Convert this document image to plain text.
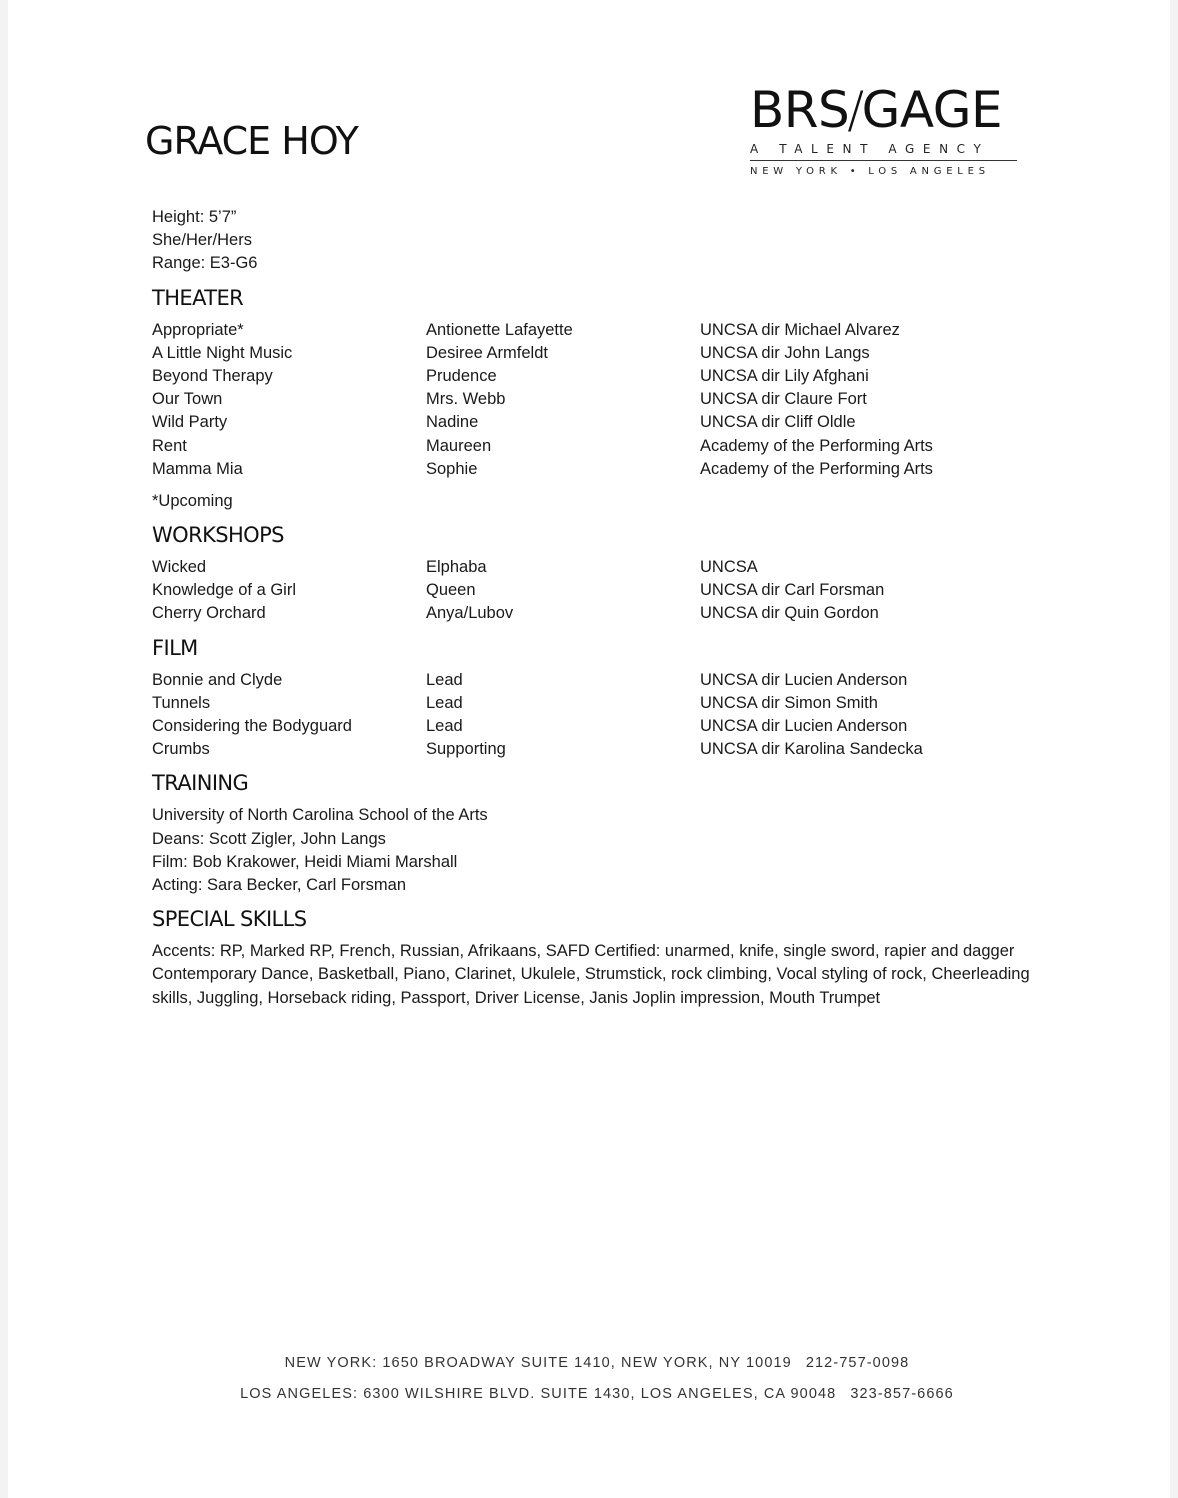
GRACE HOY
BRS/GAGE
A TALENT AGENCY
NEW YORK • LOS ANGELES
Height: 5’7”
She/Her/Hers
Range: E3-G6
THEATER
Appropriate*	Antionette Lafayette	UNCSA dir Michael Alvarez
A Little Night Music	Desiree Armfeldt	UNCSA dir John Langs
Beyond Therapy	Prudence	UNCSA dir Lily Afghani
Our Town	Mrs. Webb	UNCSA dir Claure Fort
Wild Party	Nadine	UNCSA dir Cliff Oldle
Rent	Maureen	Academy of the Performing Arts
Mamma Mia	Sophie	Academy of the Performing Arts
*Upcoming
WORKSHOPS
Wicked	Elphaba	UNCSA
Knowledge of a Girl	Queen	UNCSA dir Carl Forsman
Cherry Orchard	Anya/Lubov	UNCSA dir Quin Gordon
FILM
Bonnie and Clyde	Lead	UNCSA dir Lucien Anderson
Tunnels	Lead	UNCSA dir Simon Smith
Considering the Bodyguard	Lead	UNCSA dir Lucien Anderson
Crumbs	Supporting	UNCSA dir Karolina Sandecka
TRAINING
University of North Carolina School of the Arts
Deans: Scott Zigler, John Langs
Film: Bob Krakower, Heidi Miami Marshall
Acting: Sara Becker, Carl Forsman
SPECIAL SKILLS
Accents: RP, Marked RP, French, Russian, Afrikaans, SAFD Certified: unarmed, knife, single sword, rapier and dagger Contemporary Dance, Basketball, Piano, Clarinet, Ukulele, Strumstick, rock climbing, Vocal styling of rock, Cheerleading skills, Juggling, Horseback riding, Passport, Driver License, Janis Joplin impression, Mouth Trumpet
NEW YORK: 1650 BROADWAY SUITE 1410, NEW YORK, NY 10019 212-757-0098
LOS ANGELES: 6300 WILSHIRE BLVD. SUITE 1430, LOS ANGELES, CA 90048 323-857-6666
